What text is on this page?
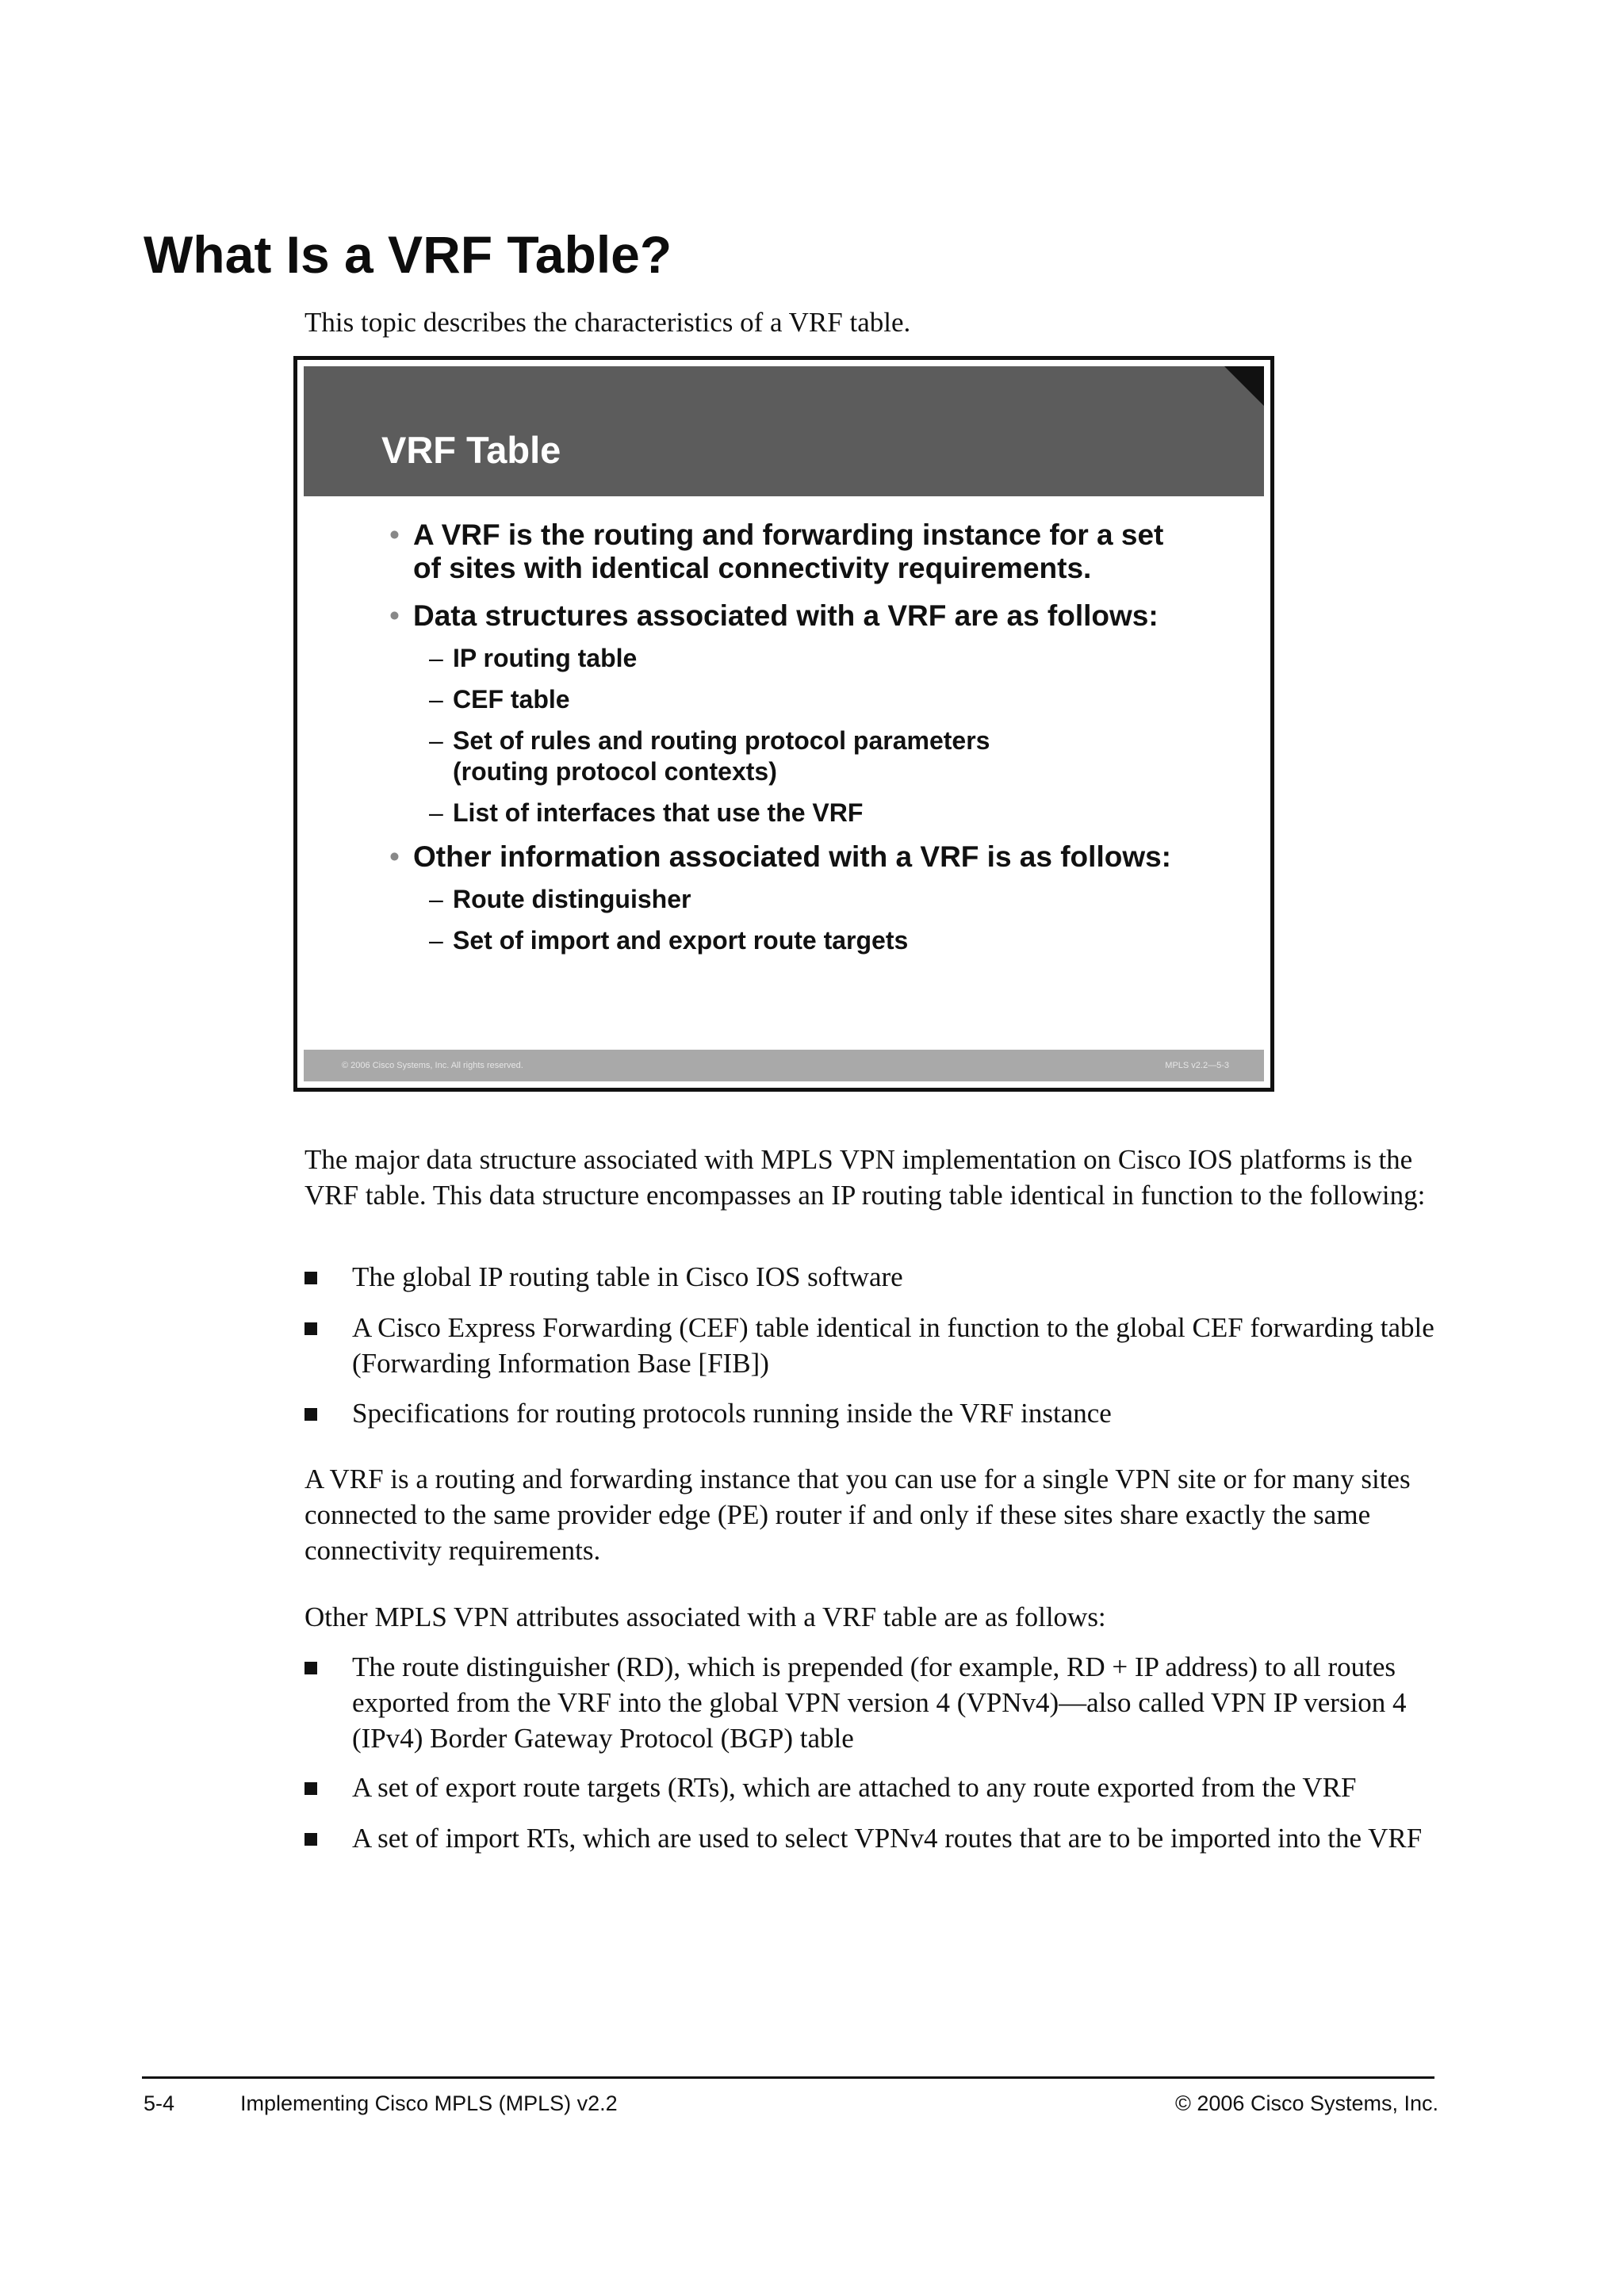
What Is a VRF Table?

This topic describes the characteristics of a VRF table.

VRF Table
• A VRF is the routing and forwarding instance for a set
of sites with identical connectivity requirements.
• Data structures associated with a VRF are as follows:
– IP routing table
– CEF table
– Set of rules and routing protocol parameters
(routing protocol contexts)
– List of interfaces that use the VRF
• Other information associated with a VRF is as follows:
– Route distinguisher
– Set of import and export route targets
© 2006 Cisco Systems, Inc. All rights reserved.	MPLS v2.2—5-3

The major data structure associated with MPLS VPN implementation on Cisco IOS platforms is the VRF table. This data structure encompasses an IP routing table identical in function to the following:

The global IP routing table in Cisco IOS software
A Cisco Express Forwarding (CEF) table identical in function to the global CEF forwarding table (Forwarding Information Base [FIB])
Specifications for routing protocols running inside the VRF instance

A VRF is a routing and forwarding instance that you can use for a single VPN site or for many sites connected to the same provider edge (PE) router if and only if these sites share exactly the same connectivity requirements.

Other MPLS VPN attributes associated with a VRF table are as follows:

The route distinguisher (RD), which is prepended (for example, RD + IP address) to all routes exported from the VRF into the global VPN version 4 (VPNv4)—also called VPN IP version 4 (IPv4) Border Gateway Protocol (BGP) table
A set of export route targets (RTs), which are attached to any route exported from the VRF
A set of import RTs, which are used to select VPNv4 routes that are to be imported into the VRF
5-4	Implementing Cisco MPLS (MPLS) v2.2	© 2006 Cisco Systems, Inc.
